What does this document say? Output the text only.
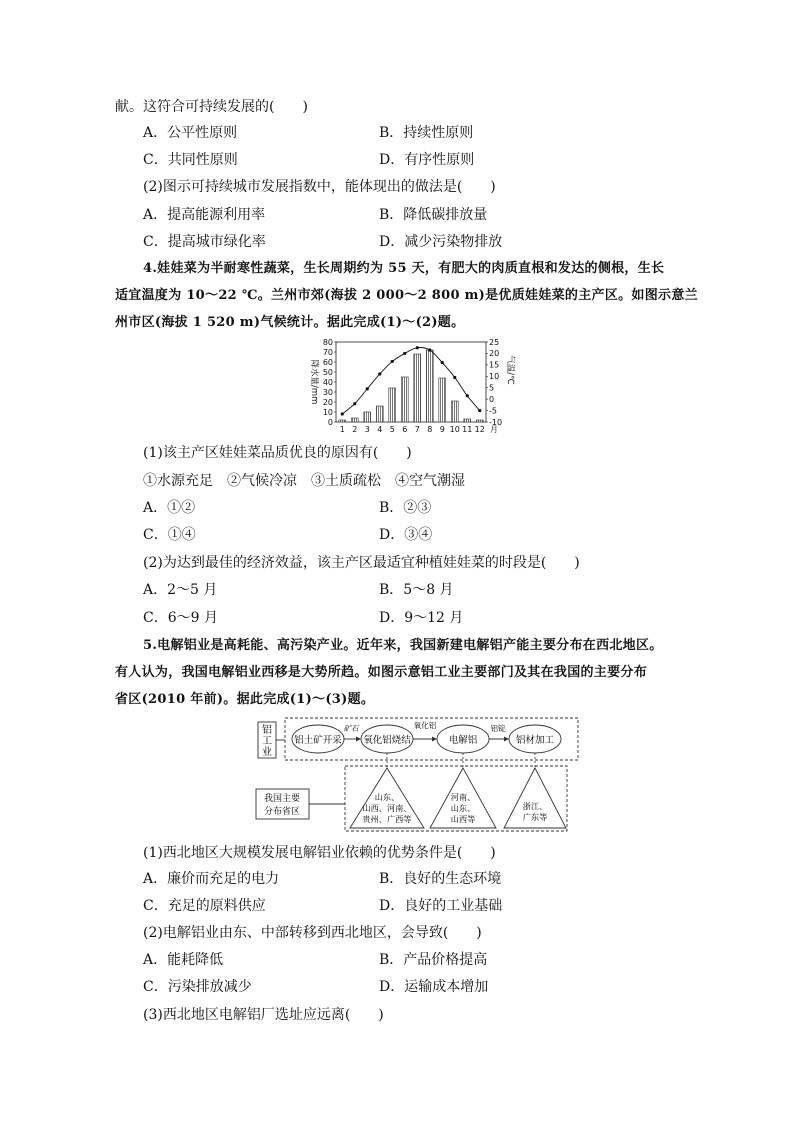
献。这符合可持续发展的(　　)
A．公平性原则	B．持续性原则
C．共同性原则	D．有序性原则
(2)图示可持续城市发展指数中，能体现出的做法是(　　)
A．提高能源利用率	B．降低碳排放量
C．提高城市绿化率	D．减少污染物排放
4.娃娃菜为半耐寒性蔬菜，生长周期约为 55 天，有肥大的肉质直根和发达的侧根，生长
适宜温度为 10～22 ℃。兰州市郊(海拔 2 000～2 800 m)是优质娃娃菜的主产区。如图示意兰
州市区(海拔 1 520 m)气候统计。据此完成(1)～(2)题。
80
70
60
50
40
30
20
10
0
25
20
15
10
5
0
-5
-10
1 2 3 4 5 6 7 8 9 10 11 12 月
降水量/mm	气温/℃
(1)该主产区娃娃菜品质优良的原因有(　　)
①水源充足　②气候冷凉　③土质疏松　④空气潮湿
A．①②	B．②③
C．①④	D．③④
(2)为达到最佳的经济效益，该主产区最适宜种植娃娃菜的时段是(　　)
A．2～5 月	B．5～8 月
C．6～9 月	D．9～12 月
5.电解铝业是高耗能、高污染产业。近年来，我国新建电解铝产能主要分布在西北地区。
有人认为，我国电解铝业西移是大势所趋。如图示意铝工业主要部门及其在我国的主要分布
省区(2010 年前)。据此完成(1)～(3)题。
铝
工
业
铝土矿开采 氧化铝烧结	电解铝	铝材加工
矿石	氧化铝	铝锭
我国主要
分布省区
山东、
山西、河南、
贵州、广西等
河南、
山东、
山西等
浙江、
广东等
(1)西北地区大规模发展电解铝业依赖的优势条件是(　　)
A．廉价而充足的电力	B．良好的生态环境
C．充足的原料供应	D．良好的工业基础
(2)电解铝业由东、中部转移到西北地区，会导致(　　)
A．能耗降低	B．产品价格提高
C．污染排放减少	D．运输成本增加
(3)西北地区电解铝厂选址应远离(　　)
